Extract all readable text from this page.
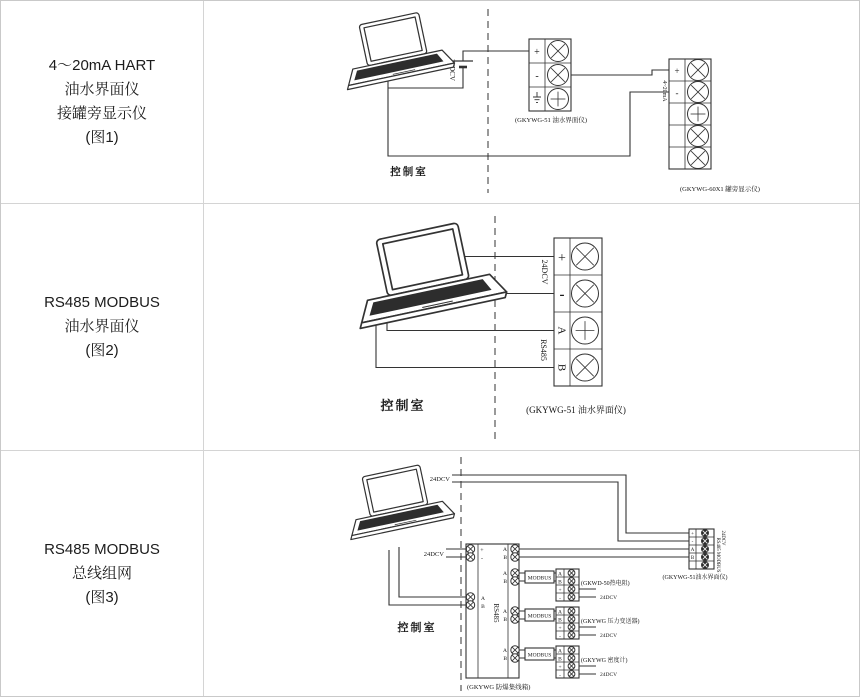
4～20mA HART
油水界面仪
接罐旁显示仪
(图1)
RS485 MODBUS
油水界面仪
(图2)
RS485 MODBUS
总线组网
(图3)
24DCV
+
-
(GKYWG-51 油水界面仪)
4~20mA
+
-
(GKYWG-60X1 罐旁显示仪)
控制室
24DCV
RS485
+
-
A
B
(GKYWG-51 油水界面仪)
控制室
24DCV
24DCV	+
-
A
B RS485
A
B
A
B
A
B
A
B
(GKYWG 防爆集线箱)
MODBUS
MODBUS
MODBUS
A
B
+
-
(GKWD-50热电阻)
24DCV
A
B
+
-
(GKYWG 压力变送器)
24DCV
A
B
+
-
(GKYWG 密度计)
24DCV
+
-
A
B
24DCV
RS485 MODBUS
(GKYWG-51油水界面仪)
控制室
